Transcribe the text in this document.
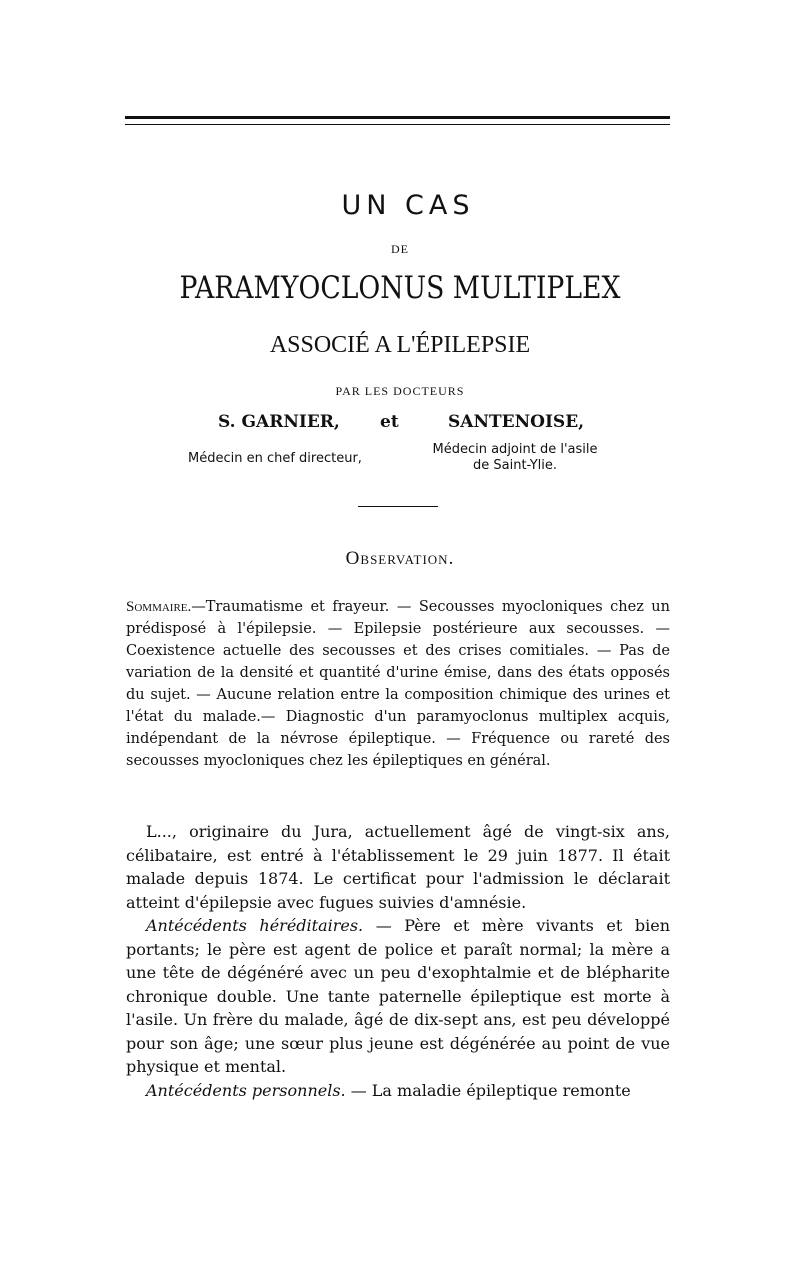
UN CAS
DE
PARAMYOCLONUS MULTIPLEX
ASSOCIÉ A L'ÉPILEPSIE
PAR LES DOCTEURS
S. GARNIER, et	SANTENOISE,
Médecin en chef directeur,
Médecin adjoint de l'asile
de Saint-Ylie.
Observation.

Sommaire.—Traumatisme et frayeur. — Secousses myocloniques chez un prédisposé à l'épilepsie. — Epilepsie postérieure aux secousses. — Coexistence actuelle des secousses et des crises comitiales. — Pas de variation de la densité et quantité d'urine émise, dans des états opposés du sujet. — Aucune relation entre la composition chimique des urines et l'état du malade.— Diagnostic d'un paramyoclonus multiplex acquis, indépendant de la névrose épileptique. — Fréquence ou rareté des secousses myocloniques chez les épileptiques en général.

L..., originaire du Jura, actuellement âgé de vingt-six ans, célibataire, est entré à l'établissement le 29 juin 1877. Il était malade depuis 1874. Le certificat pour l'admission le déclarait atteint d'épilepsie avec fugues suivies d'amnésie.

Antécédents héréditaires. — Père et mère vivants et bien portants; le père est agent de police et paraît normal; la mère a une tête de dégénéré avec un peu d'exophtalmie et de blépharite chronique double. Une tante paternelle épileptique est morte à l'asile. Un frère du malade, âgé de dix-sept ans, est peu développé pour son âge; une sœur plus jeune est dégénérée au point de vue physique et mental.

Antécédents personnels. — La maladie épileptique remonte
